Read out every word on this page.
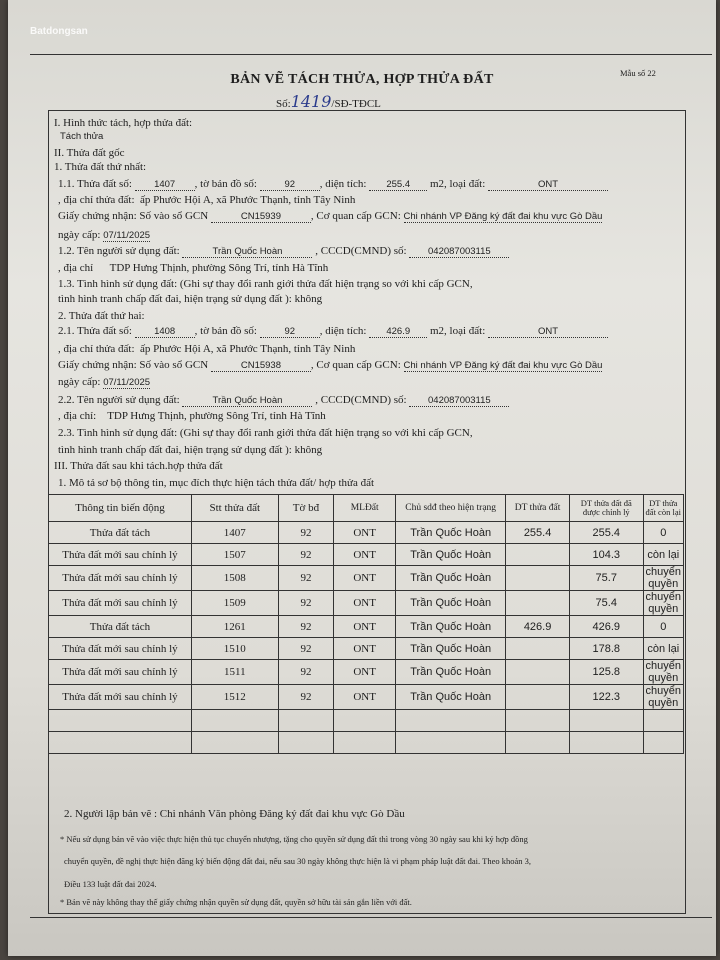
Batdongsan
Mẫu số 22
BẢN VẼ TÁCH THỬA, HỢP THỬA ĐẤT
Số:1419/SĐ-TĐCL
I. Hình thức tách, hợp thửa đất:
Tách thửa
II. Thửa đất gốc
1. Thửa đất thứ nhất:
1.1. Thửa đất số: 1407 , tờ bản đồ số:	92 , diện tích: 255.4 m2, loại đất:	ONT
, địa chỉ thửa đất: ấp Phước Hội A, xã Phước Thạnh, tỉnh Tây Ninh
Giấy chứng nhận: Số vào sổ GCN	CN15939	, Cơ quan cấp GCN: Chi nhánh VP Đăng ký đất đai khu vực Gò Dầu
ngày cấp: 07/11/2025
1.2. Tên người sử dụng đất:	Trần Quốc Hoàn	, CCCD(CMND) số: 042087003115
, địa chỉ TDP Hưng Thịnh, phường Sông Trí, tỉnh Hà Tĩnh
1.3. Tình hình sử dụng đất: (Ghi sự thay đổi ranh giới thửa đất hiện trạng so với khi cấp GCN,
tình hình tranh chấp đất đai, hiện trạng sử dụng đất ): không
2. Thửa đất thứ hai:
2.1. Thửa đất số: 1408 , tờ bản đồ số:	92 , diện tích: 426.9 m2, loại đất:	ONT
, địa chỉ thửa đất: ấp Phước Hội A, xã Phước Thạnh, tỉnh Tây Ninh
Giấy chứng nhận: Số vào sổ GCN	CN15938	, Cơ quan cấp GCN: Chi nhánh VP Đăng ký đất đai khu vực Gò Dầu
ngày cấp: 07/11/2025
2.2. Tên người sử dụng đất:	Trần Quốc Hoàn	, CCCD(CMND) số: 042087003115
, địa chỉ: TDP Hưng Thịnh, phường Sông Trí, tỉnh Hà Tĩnh
2.3. Tình hình sử dụng đất: (Ghi sự thay đổi ranh giới thửa đất hiện trạng so với khi cấp GCN,
tình hình tranh chấp đất đai, hiện trạng sử dụng đất ): không
III. Thửa đất sau khi tách.hợp thửa đất
1. Mô tả sơ bộ thông tin, mục đích thực hiện tách thửa đất/ hợp thửa đất
Thông tin biến động	Stt thửa đất	Tờ bđ	MLĐất	Chủ sdđ theo hiện trạng	DT thửa đất	DT thửa đất đã được chỉnh lý	DT thửa đất còn lại
Thửa đất tách	1407	92	ONT	Trần Quốc Hoàn	255.4	255.4	0
Thửa đất mới sau chỉnh lý	1507	92	ONT	Trần Quốc Hoàn		104.3	còn lại
Thửa đất mới sau chỉnh lý	1508	92	ONT	Trần Quốc Hoàn		75.7	chuyển quyền
Thửa đất mới sau chỉnh lý	1509	92	ONT	Trần Quốc Hoàn		75.4	chuyển quyền
Thửa đất tách	1261	92	ONT	Trần Quốc Hoàn	426.9	426.9	0
Thửa đất mới sau chỉnh lý	1510	92	ONT	Trần Quốc Hoàn		178.8	còn lại
Thửa đất mới sau chỉnh lý	1511	92	ONT	Trần Quốc Hoàn		125.8	chuyển quyền
Thửa đất mới sau chỉnh lý	1512	92	ONT	Trần Quốc Hoàn		122.3	chuyển quyền

2. Người lập bản vẽ : Chi nhánh Văn phòng Đăng ký đất đai khu vực Gò Dầu
* Nếu sử dụng bản vẽ vào việc thực hiện thủ tục chuyển nhượng, tặng cho quyền sử dụng đất thì trong vòng 30 ngày sau khi ký hợp đồng
chuyển quyền, đề nghị thực hiện đăng ký biến động đất đai, nếu sau 30 ngày không thực hiện là vi phạm pháp luật đất đai. Theo khoản 3,
Điều 133 luật đất đai 2024.
* Bản vẽ này không thay thế giấy chứng nhận quyền sử dụng đất, quyền sở hữu tài sản gắn liền với đất.
